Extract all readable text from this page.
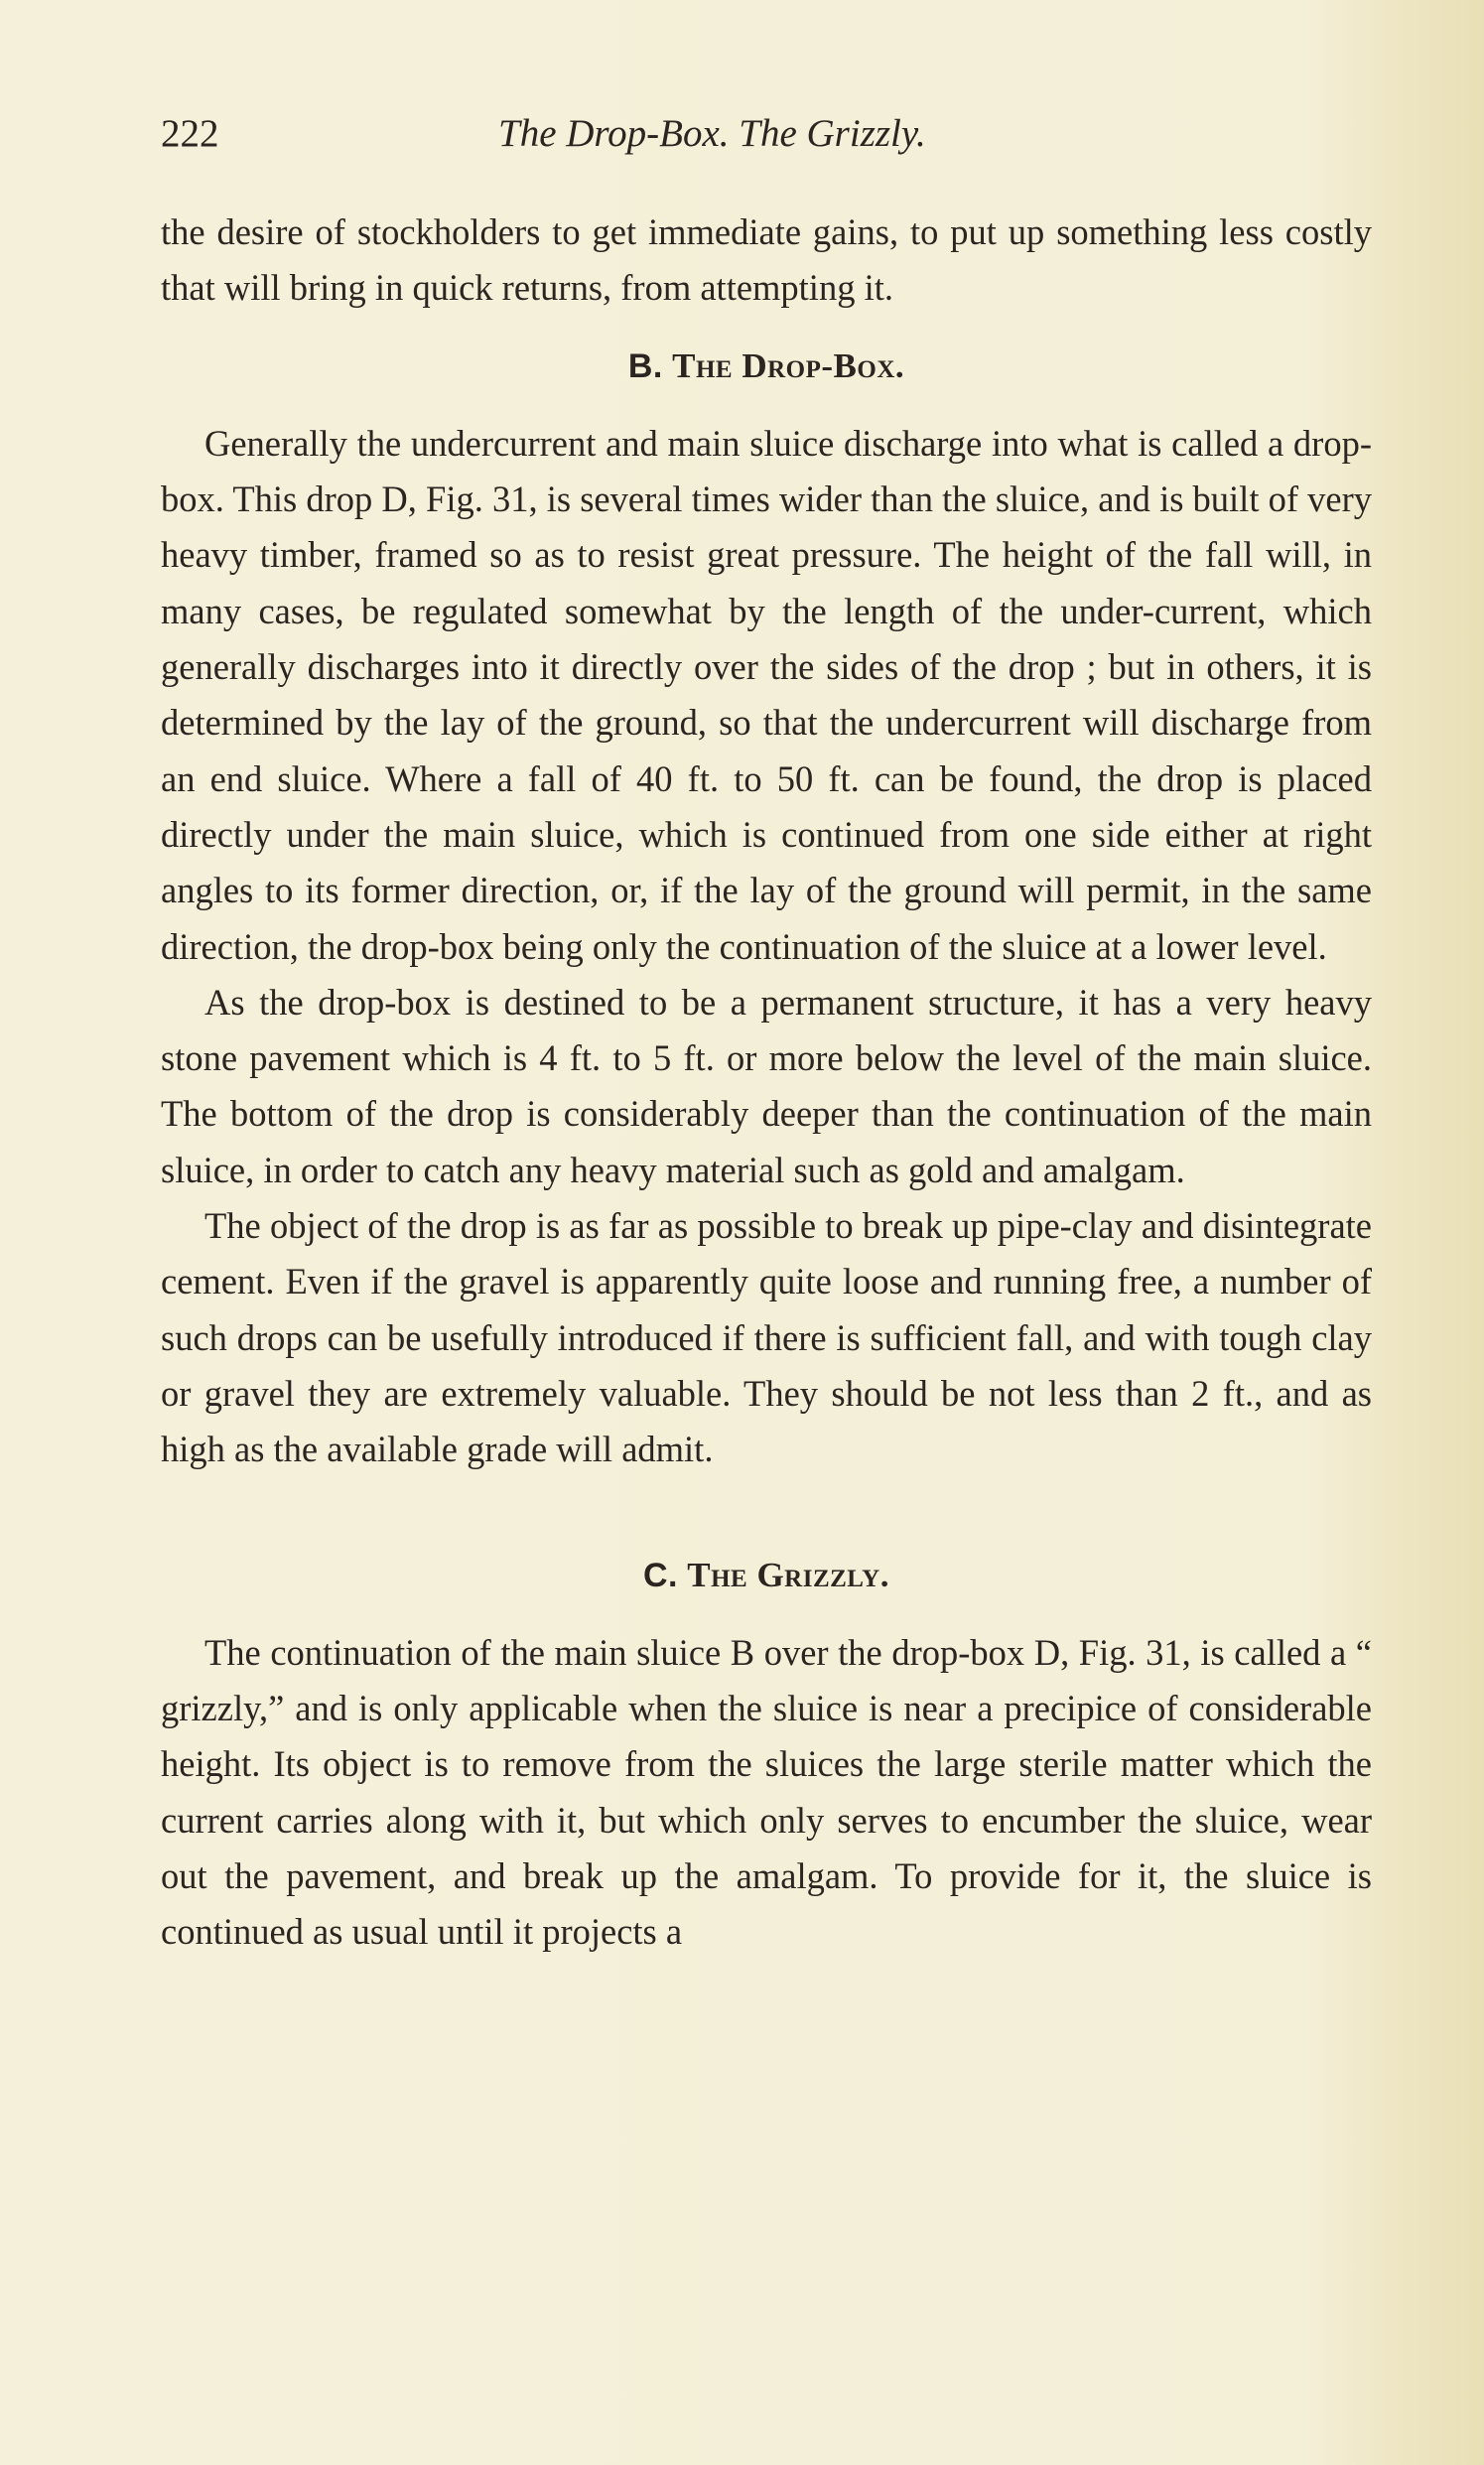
222	The Drop-Box. The Grizzly.

the desire of stockholders to get immediate gains, to put up something less costly that will bring in quick returns, from attempting it.

B. The Drop-Box.

Generally the undercurrent and main sluice discharge into what is called a drop-box. This drop D, Fig. 31, is several times wider than the sluice, and is built of very heavy timber, framed so as to resist great pressure. The height of the fall will, in many cases, be regulated somewhat by the length of the under-current, which generally discharges into it directly over the sides of the drop ; but in others, it is determined by the lay of the ground, so that the undercurrent will discharge from an end sluice. Where a fall of 40 ft. to 50 ft. can be found, the drop is placed directly under the main sluice, which is continued from one side either at right angles to its former direction, or, if the lay of the ground will permit, in the same direction, the drop-box being only the continuation of the sluice at a lower level.

As the drop-box is destined to be a permanent structure, it has a very heavy stone pavement which is 4 ft. to 5 ft. or more below the level of the main sluice. The bottom of the drop is considerably deeper than the continuation of the main sluice, in order to catch any heavy material such as gold and amalgam.

The object of the drop is as far as possible to break up pipe-clay and disintegrate cement. Even if the gravel is apparently quite loose and running free, a number of such drops can be usefully introduced if there is sufficient fall, and with tough clay or gravel they are extremely valuable. They should be not less than 2 ft., and as high as the available grade will admit.

C. The Grizzly.

The continuation of the main sluice B over the drop-box D, Fig. 31, is called a “ grizzly,” and is only applicable when the sluice is near a precipice of considerable height. Its object is to remove from the sluices the large sterile matter which the current carries along with it, but which only serves to encumber the sluice, wear out the pavement, and break up the amalgam. To provide for it, the sluice is continued as usual until it projects a
